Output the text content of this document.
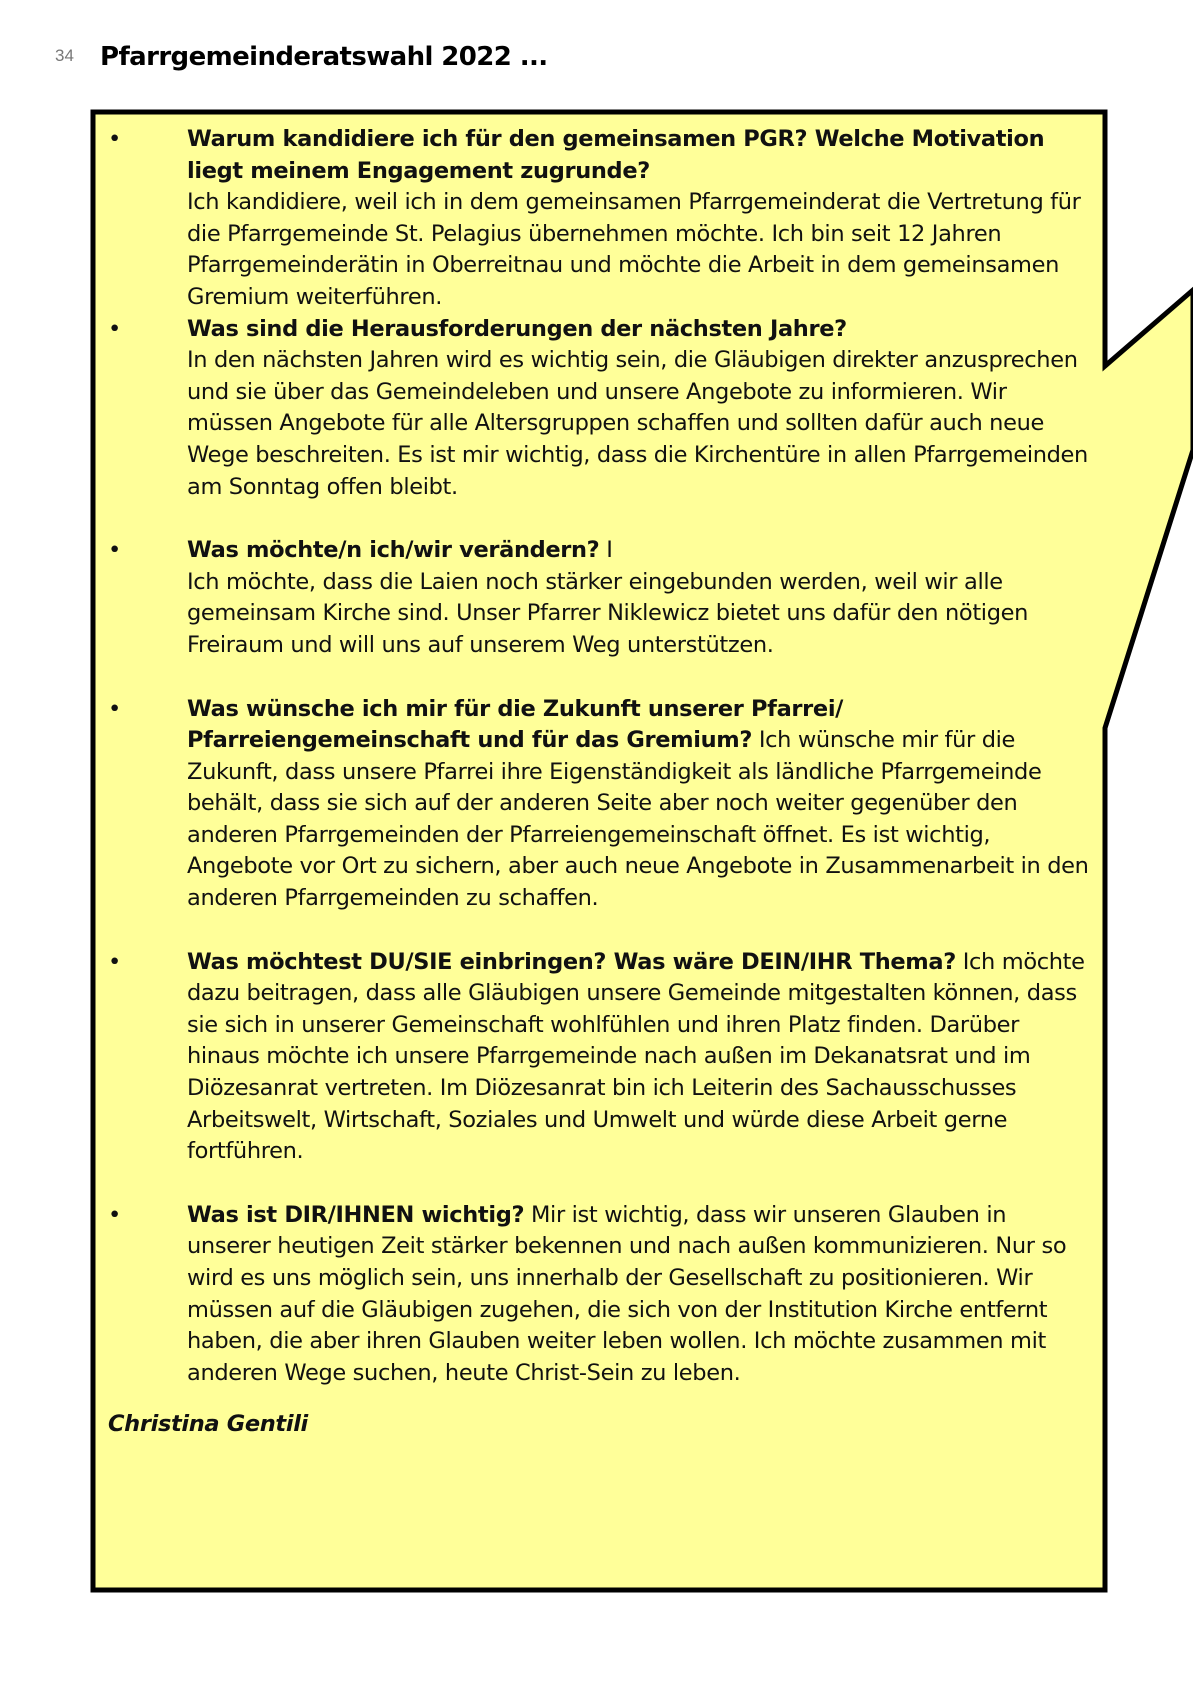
34 Pfarrgemeinderatswahl 2022 ...
•	Warum kandidiere ich für den gemeinsamen PGR? Welche Motivation liegt meinem Engagement zugrunde?
Ich kandidiere, weil ich in dem gemeinsamen Pfarrgemeinderat die Vertretung für die Pfarrgemeinde St. Pelagius übernehmen möchte. Ich bin seit 12 Jahren Pfarrgemeinderätin in Oberreitnau und möchte die Arbeit in dem gemeinsamen Gremium weiterführen.
•	Was sind die Herausforderungen der nächsten Jahre?
In den nächsten Jahren wird es wichtig sein, die Gläubigen direkter anzusprechen und sie über das Gemeindeleben und unsere Angebote zu informieren. Wir müssen Angebote für alle Altersgruppen schaffen und sollten dafür auch neue Wege beschreiten. Es ist mir wichtig, dass die Kirchentüre in allen Pfarrgemeinden am Sonntag offen bleibt.
•	Was möchte/n ich/wir verändern? I
Ich möchte, dass die Laien noch stärker eingebunden werden, weil wir alle gemeinsam Kirche sind. Unser Pfarrer Niklewicz bietet uns dafür den nötigen Freiraum und will uns auf unserem Weg unterstützen.
•	Was wünsche ich mir für die Zukunft unserer Pfarrei/ Pfarreiengemeinschaft und für das Gremium? Ich wünsche mir für die Zukunft, dass unsere Pfarrei ihre Eigenständigkeit als ländliche Pfarrgemeinde behält, dass sie sich auf der anderen Seite aber noch weiter gegenüber den anderen Pfarrgemeinden der Pfarreiengemeinschaft öffnet. Es ist wichtig, Angebote vor Ort zu sichern, aber auch neue Angebote in Zusammenarbeit in den anderen Pfarrgemeinden zu schaffen.
•	Was möchtest DU/SIE einbringen? Was wäre DEIN/IHR Thema? Ich möchte dazu beitragen, dass alle Gläubigen unsere Gemeinde mitgestalten können, dass sie sich in unserer Gemeinschaft wohlfühlen und ihren Platz finden. Darüber hinaus möchte ich unsere Pfarrgemeinde nach außen im Dekanatsrat und im Diözesanrat vertreten. Im Diözesanrat bin ich Leiterin des Sachausschusses Arbeitswelt, Wirtschaft, Soziales und Umwelt und würde diese Arbeit gerne fortführen.
•	Was ist DIR/IHNEN wichtig? Mir ist wichtig, dass wir unseren Glauben in unserer heutigen Zeit stärker bekennen und nach außen kommunizieren. Nur so wird es uns möglich sein, uns innerhalb der Gesellschaft zu positionieren. Wir müssen auf die Gläubigen zugehen, die sich von der Institution Kirche entfernt haben, die aber ihren Glauben weiter leben wollen. Ich möchte zusammen mit anderen Wege suchen, heute Christ-Sein zu leben.
Christina Gentili
